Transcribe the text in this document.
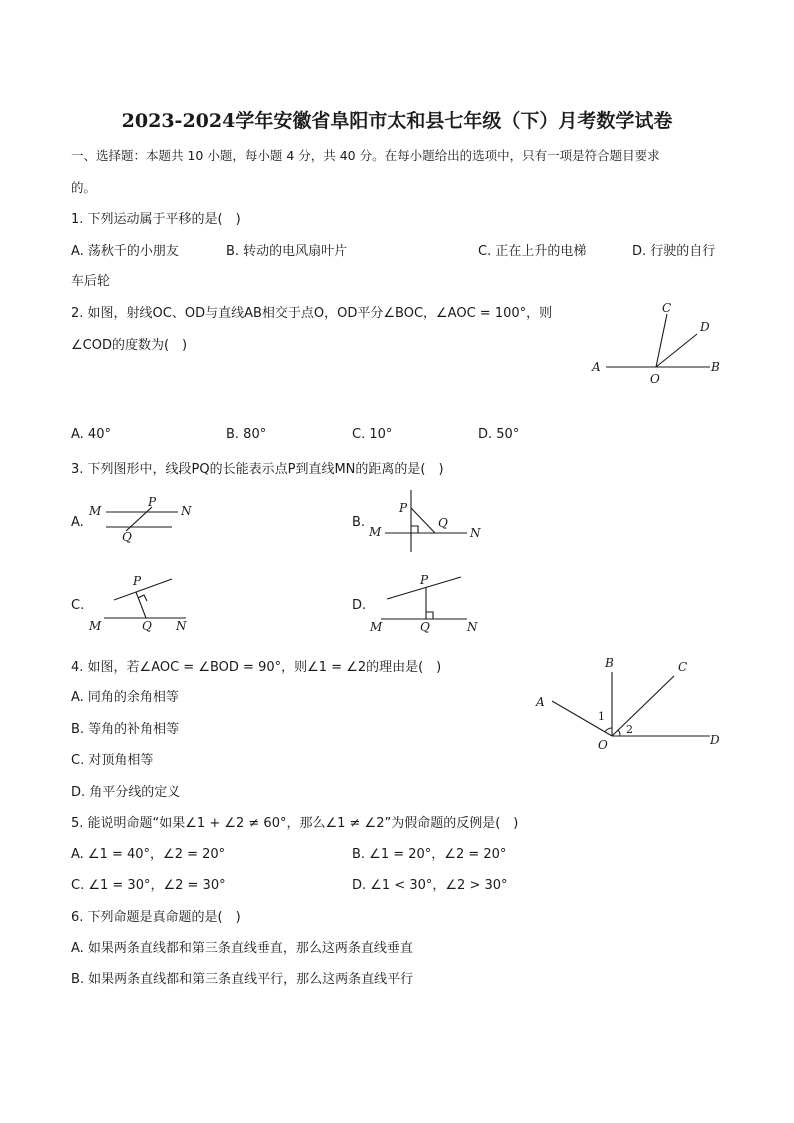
2023-2024学年安徽省阜阳市太和县七年级（下）月考数学试卷
一、选择题：本题共 10 小题，每小题 4 分，共 40 分。在每小题给出的选项中，只有一项是符合题目要求
的。
1. 下列运动属于平移的是(　)
A. 荡秋千的小朋友	B. 转动的电风扇叶片	C. 正在上升的电梯	D. 行驶的自行
车后轮
2. 如图，射线OC、OD与直线AB相交于点O，OD平分∠BOC，∠AOC = 100°，则
∠COD的度数为(　)
A	B
C
D
O
A. 40°	B. 80°	C. 10°	D. 50°
3. 下列图形中，线段PQ的长能表示点P到直线MN的距离的是(　)
A.
M	N
P
Q
B.
M	N
P
Q
C.
M	N
P
Q
D.
M	N
P
Q
4. 如图，若∠AOC = ∠BOD = 90°，则∠1 = ∠2的理由是(　)
A. 同角的余角相等
B. 等角的补角相等
C. 对顶角相等
D. 角平分线的定义
A
B	C
D
O
1
2
5. 能说明命题“如果∠1 + ∠2 ≠ 60°，那么∠1 ≠ ∠2”为假命题的反例是(　)
A. ∠1 = 40°，∠2 = 20°	B. ∠1 = 20°，∠2 = 20°
C. ∠1 = 30°，∠2 = 30°	D. ∠1 < 30°，∠2 > 30°
6. 下列命题是真命题的是(　)
A. 如果两条直线都和第三条直线垂直，那么这两条直线垂直
B. 如果两条直线都和第三条直线平行，那么这两条直线平行
